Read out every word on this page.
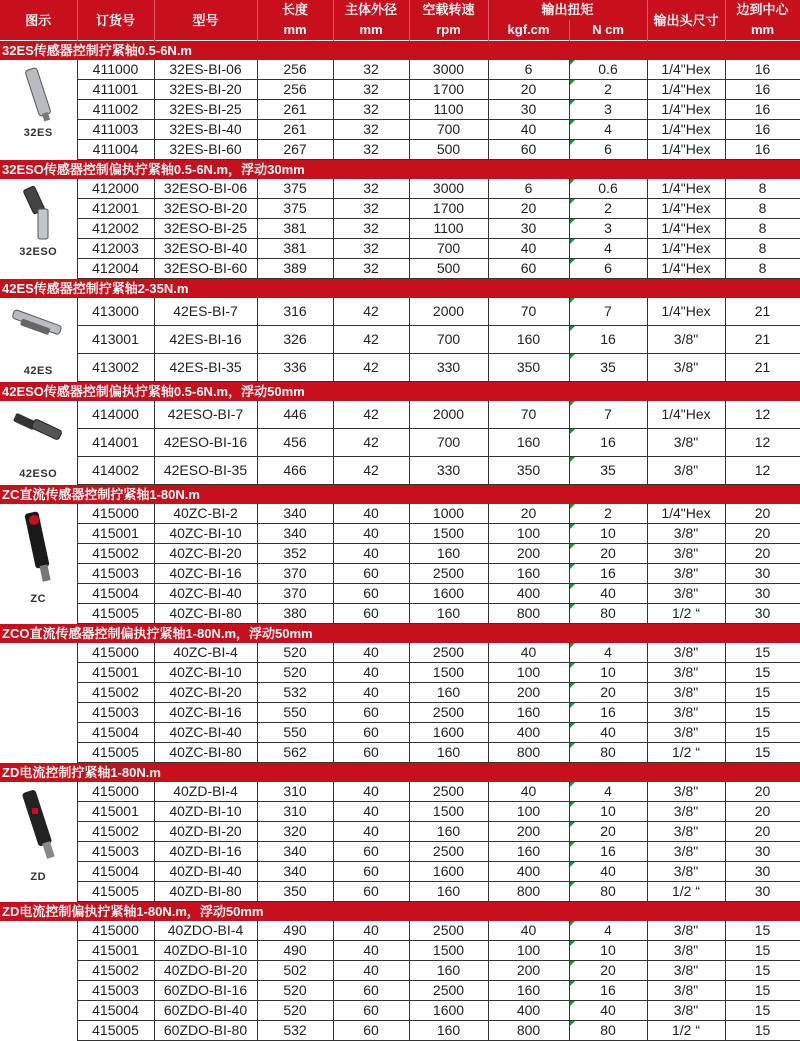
图示	订货号	型号	长度	主体外径	空载转速	输出扭矩		输出头尺寸	边到中心
			mm	mm	rpm	kgf.cm	N cm		mm
32ES传感器控制拧紧轴0.5-6N.m									

32ES	411000	32ES-BI-06	256	32	3000	6	0.6	1/4"Hex	16
	411001	32ES-BI-20	256	32	1700	20	2	1/4"Hex	16
	411002	32ES-BI-25	261	32	1100	30	3	1/4"Hex	16
	411003	32ES-BI-40	261	32	700	40	4	1/4"Hex	16
	411004	32ES-BI-60	267	32	500	60	6	1/4"Hex	16
32ESO传感器控制偏执拧紧轴0.5-6N.m，浮动30mm									

32ESO	412000	32ESO-BI-06	375	32	3000	6	0.6	1/4"Hex	8
	412001	32ESO-BI-20	375	32	1700	20	2	1/4"Hex	8
	412002	32ESO-BI-25	381	32	1100	30	3	1/4"Hex	8
	412003	32ESO-BI-40	381	32	700	40	4	1/4"Hex	8
	412004	32ESO-BI-60	389	32	500	60	6	1/4"Hex	8
42ES传感器控制拧紧轴2-35N.m									

42ES	413000	42ES-BI-7	316	42	2000	70	7	1/4"Hex	21
	413001	42ES-BI-16	326	42	700	160	16	3/8"	21
	413002	42ES-BI-35	336	42	330	350	35	3/8"	21
42ESO传感器控制偏执拧紧轴0.5-6N.m，浮动50mm									

42ESO	414000	42ESO-BI-7	446	42	2000	70	7	1/4"Hex	12
	414001	42ESO-BI-16	456	42	700	160	16	3/8"	12
	414002	42ESO-BI-35	466	42	330	350	35	3/8"	12
ZC直流传感器控制拧紧轴1-80N.m									

ZC	415000	40ZC-BI-2	340	40	1000	20	2	1/4"Hex	20
	415001	40ZC-BI-10	340	40	1500	100	10	3/8"	20
	415002	40ZC-BI-20	352	40	160	200	20	3/8"	20
	415003	40ZC-BI-16	370	60	2500	160	16	3/8"	30
	415004	40ZC-BI-40	370	60	1600	400	40	3/8"	30
	415005	40ZC-BI-80	380	60	160	800	80	1/2 “	30
ZCO直流传感器控制偏执拧紧轴1-80N.m，浮动50mm									
	415000	40ZC-BI-4	520	40	2500	40	4	3/8"	15
	415001	40ZC-BI-10	520	40	1500	100	10	3/8"	15
	415002	40ZC-BI-20	532	40	160	200	20	3/8"	15
	415003	40ZC-BI-16	550	60	2500	160	16	3/8"	15
	415004	40ZC-BI-40	550	60	1600	400	40	3/8"	15
	415005	40ZC-BI-80	562	60	160	800	80	1/2 “	15
ZD电流控制拧紧轴1-80N.m									

ZD	415000	40ZD-BI-4	310	40	2500	40	4	3/8"	20
	415001	40ZD-BI-10	310	40	1500	100	10	3/8"	20
	415002	40ZD-BI-20	320	40	160	200	20	3/8"	20
	415003	40ZD-BI-16	340	60	2500	160	16	3/8"	30
	415004	40ZD-BI-40	340	60	1600	400	40	3/8"	30
	415005	40ZD-BI-80	350	60	160	800	80	1/2 “	30
ZD电流控制偏执拧紧轴1-80N.m，浮动50mm									
	415000	40ZDO-BI-4	490	40	2500	40	4	3/8"	15
	415001	40ZDO-BI-10	490	40	1500	100	10	3/8"	15
	415002	40ZDO-BI-20	502	40	160	200	20	3/8"	15
	415003	60ZDO-BI-16	520	60	2500	160	16	3/8"	15
	415004	60ZDO-BI-40	520	60	1600	400	40	3/8"	15
	415005	60ZDO-BI-80	532	60	160	800	80	1/2 “	15
